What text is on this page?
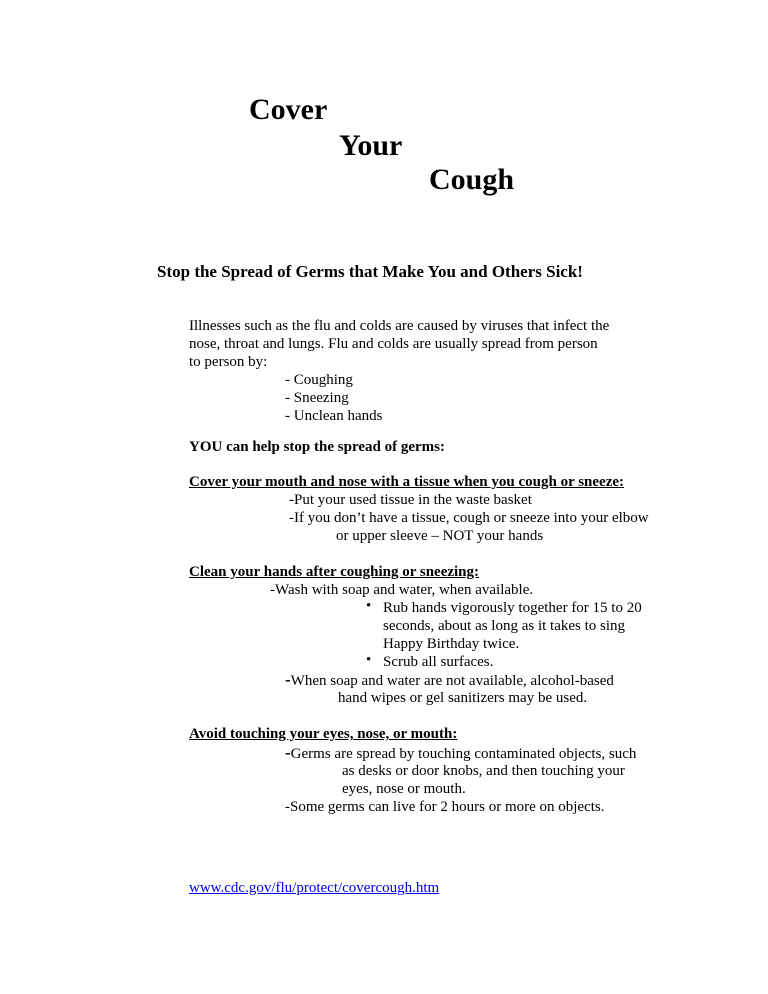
Cover
Your
Cough
Stop the Spread of Germs that Make You and Others Sick!
Illnesses such as the flu and colds are caused by viruses that infect the
nose, throat and lungs. Flu and colds are usually spread from person
to person by:
- Coughing
- Sneezing
- Unclean hands
YOU can help stop the spread of germs:
Cover your mouth and nose with a tissue when you cough or sneeze:
-Put your used tissue in the waste basket
-If you don’t have a tissue, cough or sneeze into your elbow
or upper sleeve – NOT your hands
Clean your hands after coughing or sneezing:
-Wash with soap and water, when available.
• Rub hands vigorously together for 15 to 20
seconds, about as long as it takes to sing
Happy Birthday twice.
• Scrub all surfaces.
-When soap and water are not available, alcohol-based
hand wipes or gel sanitizers may be used.
Avoid touching your eyes, nose, or mouth:
-Germs are spread by touching contaminated objects, such
as desks or door knobs, and then touching your
eyes, nose or mouth.
-Some germs can live for 2 hours or more on objects.
www.cdc.gov/flu/protect/covercough.htm
